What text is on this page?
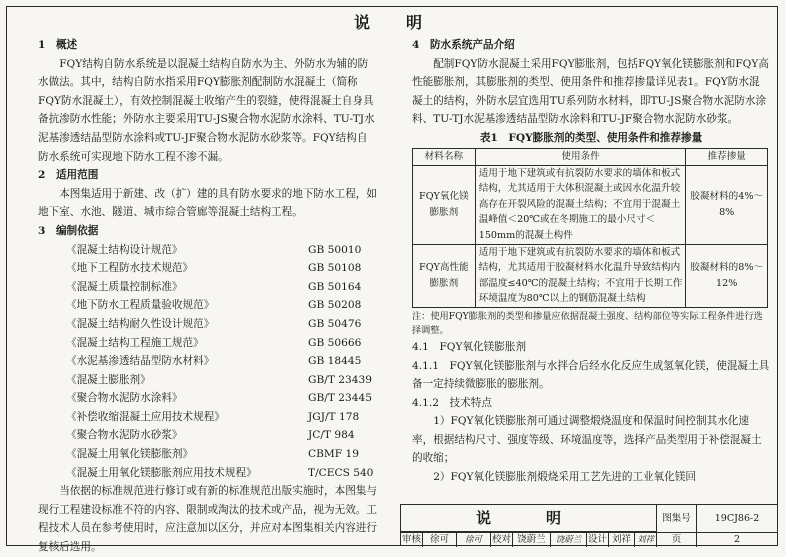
说　明
1　概述
FQY结构自防水系统是以混凝土结构自防水为主、外防水为辅的防水做法。其中，结构自防水指采用FQY膨胀剂配制防水混凝土（简称FQY防水混凝土），有效控制混凝土收缩产生的裂缝，使得混凝土自身具备抗渗防水性能；外防水主要采用TU-JS聚合物水泥防水涂料、TU-TJ水泥基渗透结晶型防水涂料或TU-JF聚合物水泥防水砂浆等。FQY结构自防水系统可实现地下防水工程不渗不漏。
2　适用范围
本图集适用于新建、改（扩）建的具有防水要求的地下防水工程，如地下室、水池、隧道、城市综合管廊等混凝土结构工程。
3　编制依据
《混凝土结构设计规范》	GB 50010
《地下工程防水技术规范》	GB 50108
《混凝土质量控制标准》	GB 50164
《地下防水工程质量验收规范》	GB 50208
《混凝土结构耐久性设计规范》	GB 50476
《混凝土结构工程施工规范》	GB 50666
《水泥基渗透结晶型防水材料》	GB 18445
《混凝土膨胀剂》	GB/T 23439
《聚合物水泥防水涂料》	GB/T 23445
《补偿收缩混凝土应用技术规程》	JGJ/T 178
《聚合物水泥防水砂浆》	JC/T 984
《混凝土用氧化镁膨胀剂》	CBMF 19
《混凝土用氧化镁膨胀剂应用技术规程》	T/CECS 540
当依据的标准规范进行修订或有新的标准规范出版实施时，本图集与现行工程建设标准不符的内容、限制或淘汰的技术或产品，视为无效。工程技术人员在参考使用时，应注意加以区分，并应对本图集相关内容进行复核后选用。
4　防水系统产品介绍
配制FQY防水混凝土采用FQY膨胀剂，包括FQY氧化镁膨胀剂和FQY高性能膨胀剂，其膨胀剂的类型、使用条件和推荐掺量详见表1。FQY防水混凝土的结构，外防水层宜选用TU系列防水材料，即TU-JS聚合物水泥防水涂料、TU-TJ水泥基渗透结晶型防水涂料和TU-JF聚合物水泥防水砂浆。
表1　FQY膨胀剂的类型、使用条件和推荐掺量
材料名称	使用条件	推荐掺量
FQY氧化镁膨胀剂	适用于地下建筑或有抗裂防水要求的墙体和板式结构，尤其适用于大体积混凝土或因水化温升较高存在开裂风险的混凝土结构；不宜用于混凝土温峰值＜20℃或在冬期施工的最小尺寸＜150mm的混凝土构件	胶凝材料的4%～8%
FQY高性能膨胀剂	适用于地下建筑或有抗裂防水要求的墙体和板式结构，尤其适用于胶凝材料水化温升导致结构内部温度≤40℃的混凝土结构；不宜用于长期工作环境温度为80℃以上的钢筋混凝土结构	胶凝材料的8%～12%
注：使用FQY膨胀剂的类型和掺量应依据混凝土强度、结构部位等实际工程条件进行选择调整。
4.1　FQY氧化镁膨胀剂
4.1.1　FQY氧化镁膨胀剂与水拌合后经水化反应生成氢氧化镁，使混凝土具备一定持续微膨胀的膨胀剂。
4.1.2　技术特点
1）FQY氧化镁膨胀剂可通过调整煅烧温度和保温时间控制其水化速率，根据结构尺寸、强度等级、环境温度等，选择产品类型用于补偿混凝土的收缩；
2）FQY氧化镁膨胀剂煅烧采用工艺先进的工业氧化镁回
说　明	图集号	19CJ86-2
审核 徐可	徐可	校对 饶蔚兰	饶蔚兰 设计 刘祥 刘祥	页	2
